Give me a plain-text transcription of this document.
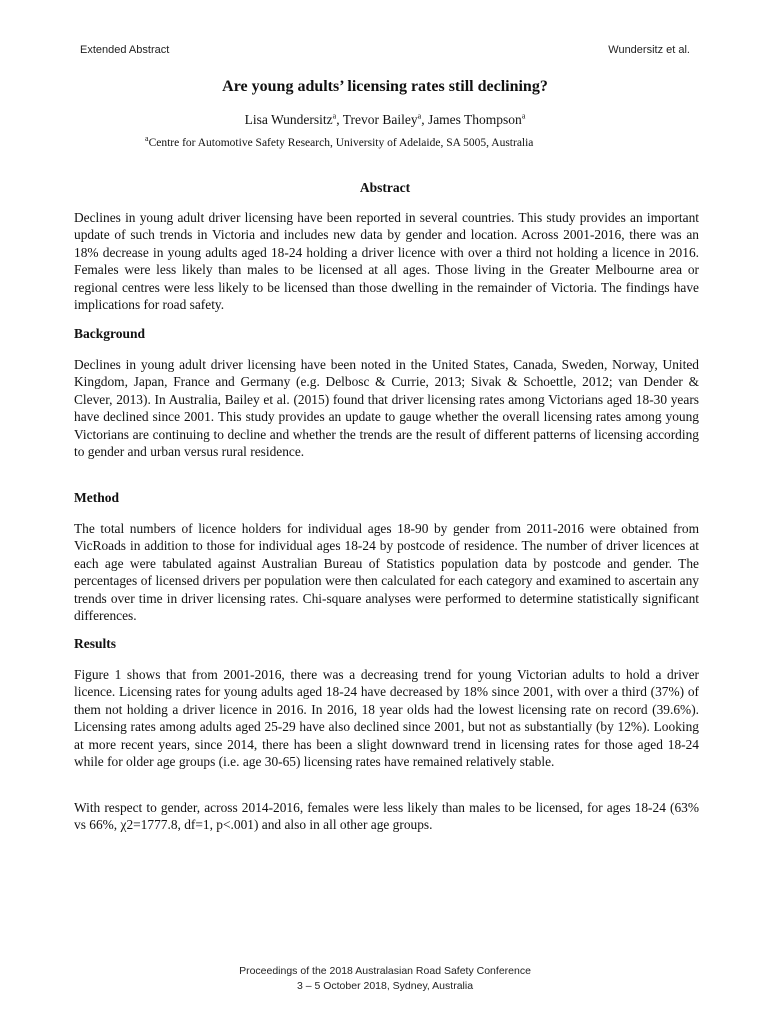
Extended Abstract	Wundersitz et al.
Are young adults’ licensing rates still declining?

Lisa Wundersitz$^a$, Trevor Bailey$^a$, James Thompson$^a$

$^a$Centre for Automotive Safety Research, University of Adelaide, SA 5005, Australia
Abstract

Declines in young adult driver licensing have been reported in several countries. This study provides an important update of such trends in Victoria and includes new data by gender and location. Across 2001-2016, there was an 18% decrease in young adults aged 18-24 holding a driver licence with over a third not holding a licence in 2016. Females were less likely than males to be licensed at all ages. Those living in the Greater Melbourne area or regional centres were less likely to be licensed than those dwelling in the remainder of Victoria. The findings have implications for road safety.

Background

Declines in young adult driver licensing have been noted in the United States, Canada, Sweden, Norway, United Kingdom, Japan, France and Germany (e.g. Delbosc & Currie, 2013; Sivak & Schoettle, 2012; van Dender & Clever, 2013). In Australia, Bailey et al. (2015) found that driver licensing rates among Victorians aged 18-30 years have declined since 2001. This study provides an update to gauge whether the overall licensing rates among young Victorians are continuing to decline and whether the trends are the result of different patterns of licensing according to gender and urban versus rural residence.

Method

The total numbers of licence holders for individual ages 18-90 by gender from 2011-2016 were obtained from VicRoads in addition to those for individual ages 18-24 by postcode of residence. The number of driver licences at each age were tabulated against Australian Bureau of Statistics population data by postcode and gender. The percentages of licensed drivers per population were then calculated for each category and examined to ascertain any trends over time in driver licensing rates. Chi-square analyses were performed to determine statistically significant differences.

Results

Figure 1 shows that from 2001-2016, there was a decreasing trend for young Victorian adults to hold a driver licence. Licensing rates for young adults aged 18-24 have decreased by 18% since 2001, with over a third (37%) of them not holding a driver licence in 2016. In 2016, 18 year olds had the lowest licensing rate on record (39.6%). Licensing rates among adults aged 25-29 have also declined since 2001, but not as substantially (by 12%). Looking at more recent years, since 2014, there has been a slight downward trend in licensing rates for those aged 18-24 while for older age groups (i.e. age 30-65) licensing rates have remained relatively stable.

With respect to gender, across 2014-2016, females were less likely than males to be licensed, for ages 18-24 (63% vs 66%, χ2=1777.8, df=1, p<.001) and also in all other age groups.

Proceedings of the 2018 Australasian Road Safety Conference
3 – 5 October 2018, Sydney, Australia
